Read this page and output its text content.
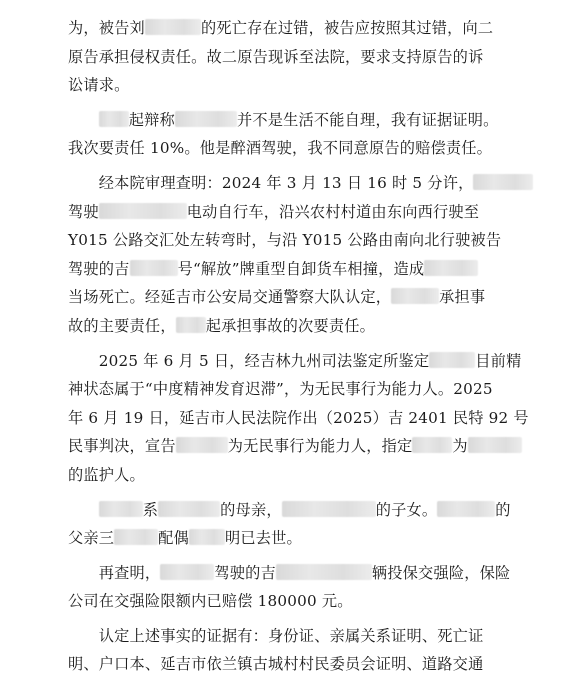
为，被告刘	的死亡存在过错，被告应按照其过错，向二
原告承担侵权责任。故二原告现诉至法院，要求支持原告的诉
讼请求。
　　起辩称	并不是生活不能自理，我有证据证明。
我次要责任 10%。他是醉酒驾驶，我不同意原告的赔偿责任。
　　经本院审理查明：2024 年 3 月 13 日 16 时 5 分许，
驾驶	电动自行车，沿兴农村村道由东向西行驶至
Y015 公路交汇处左转弯时，与沿 Y015 公路由南向北行驶被告
驾驶的吉	号“解放”牌重型自卸货车相撞，造成
当场死亡。经延吉市公安局交通警察大队认定，	承担事
故的主要责任， 起承担事故的次要责任。
　　2025 年 6 月 5 日，经吉林九州司法鉴定所鉴定	目前精
神状态属于“中度精神发育迟滞”，为无民事行为能力人。2025
年 6 月 19 日，延吉市人民法院作出（2025）吉 2401 民特 92 号
民事判决，宣告	为无民事行为能力人，指定	为
的监护人。
　　系	的母亲，	的子女。	的
父亲三	配偶 明已去世。
　　再查明，	驾驶的吉	辆投保交强险，保险
公司在交强险限额内已赔偿 180000 元。
　　认定上述事实的证据有：身份证、亲属关系证明、死亡证
明、户口本、延吉市依兰镇古城村村民委员会证明、道路交通
